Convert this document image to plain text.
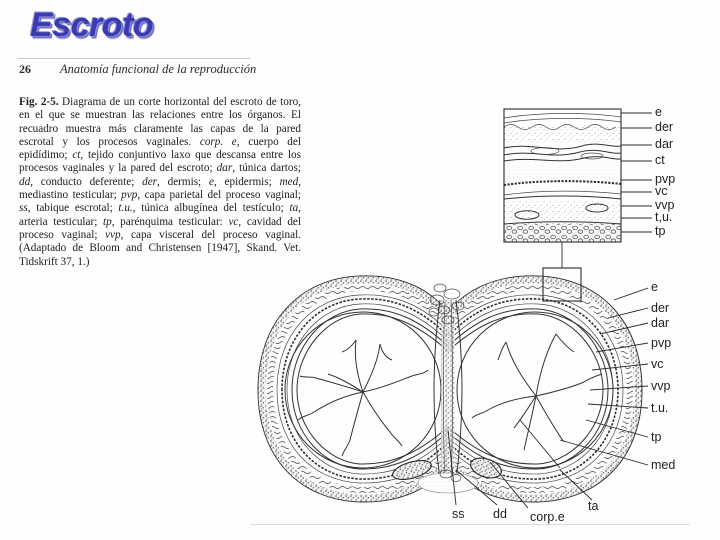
Escroto
26 Anatomía funcional de la reproducción
Fig. 2-5. Diagrama de un corte horizontal del escroto de toro, en el que se muestran las relaciones entre los órganos. El recuadro muestra más claramente las capas de la pared escrotal y los procesos vaginales. corp. e, cuerpo del epidídimo; ct, tejido conjuntivo laxo que descansa entre los procesos vaginales y la pared del escroto; dar, túnica dartos; dd, conducto deferente; der, dermis; e, epidermis; med, mediastino testicular; pvp, capa parietal del proceso vaginal; ss, tabique escrotal; t.u., túnica albugínea del testículo; ta, arteria testicular; tp, parénquima testicular: vc, cavidad del proceso vaginal; vvp, capa visceral del proceso vaginal. (Adaptado de Bloom and Christensen [1947], Skand. Vet. Tidskrift 37, 1.)
e
der
dar
ct
pvp
vc
vvp
t,u.
tp
e
der
dar
pvp
vc
vvp
t.u.
tp
med
ss dd corp.e
ta
